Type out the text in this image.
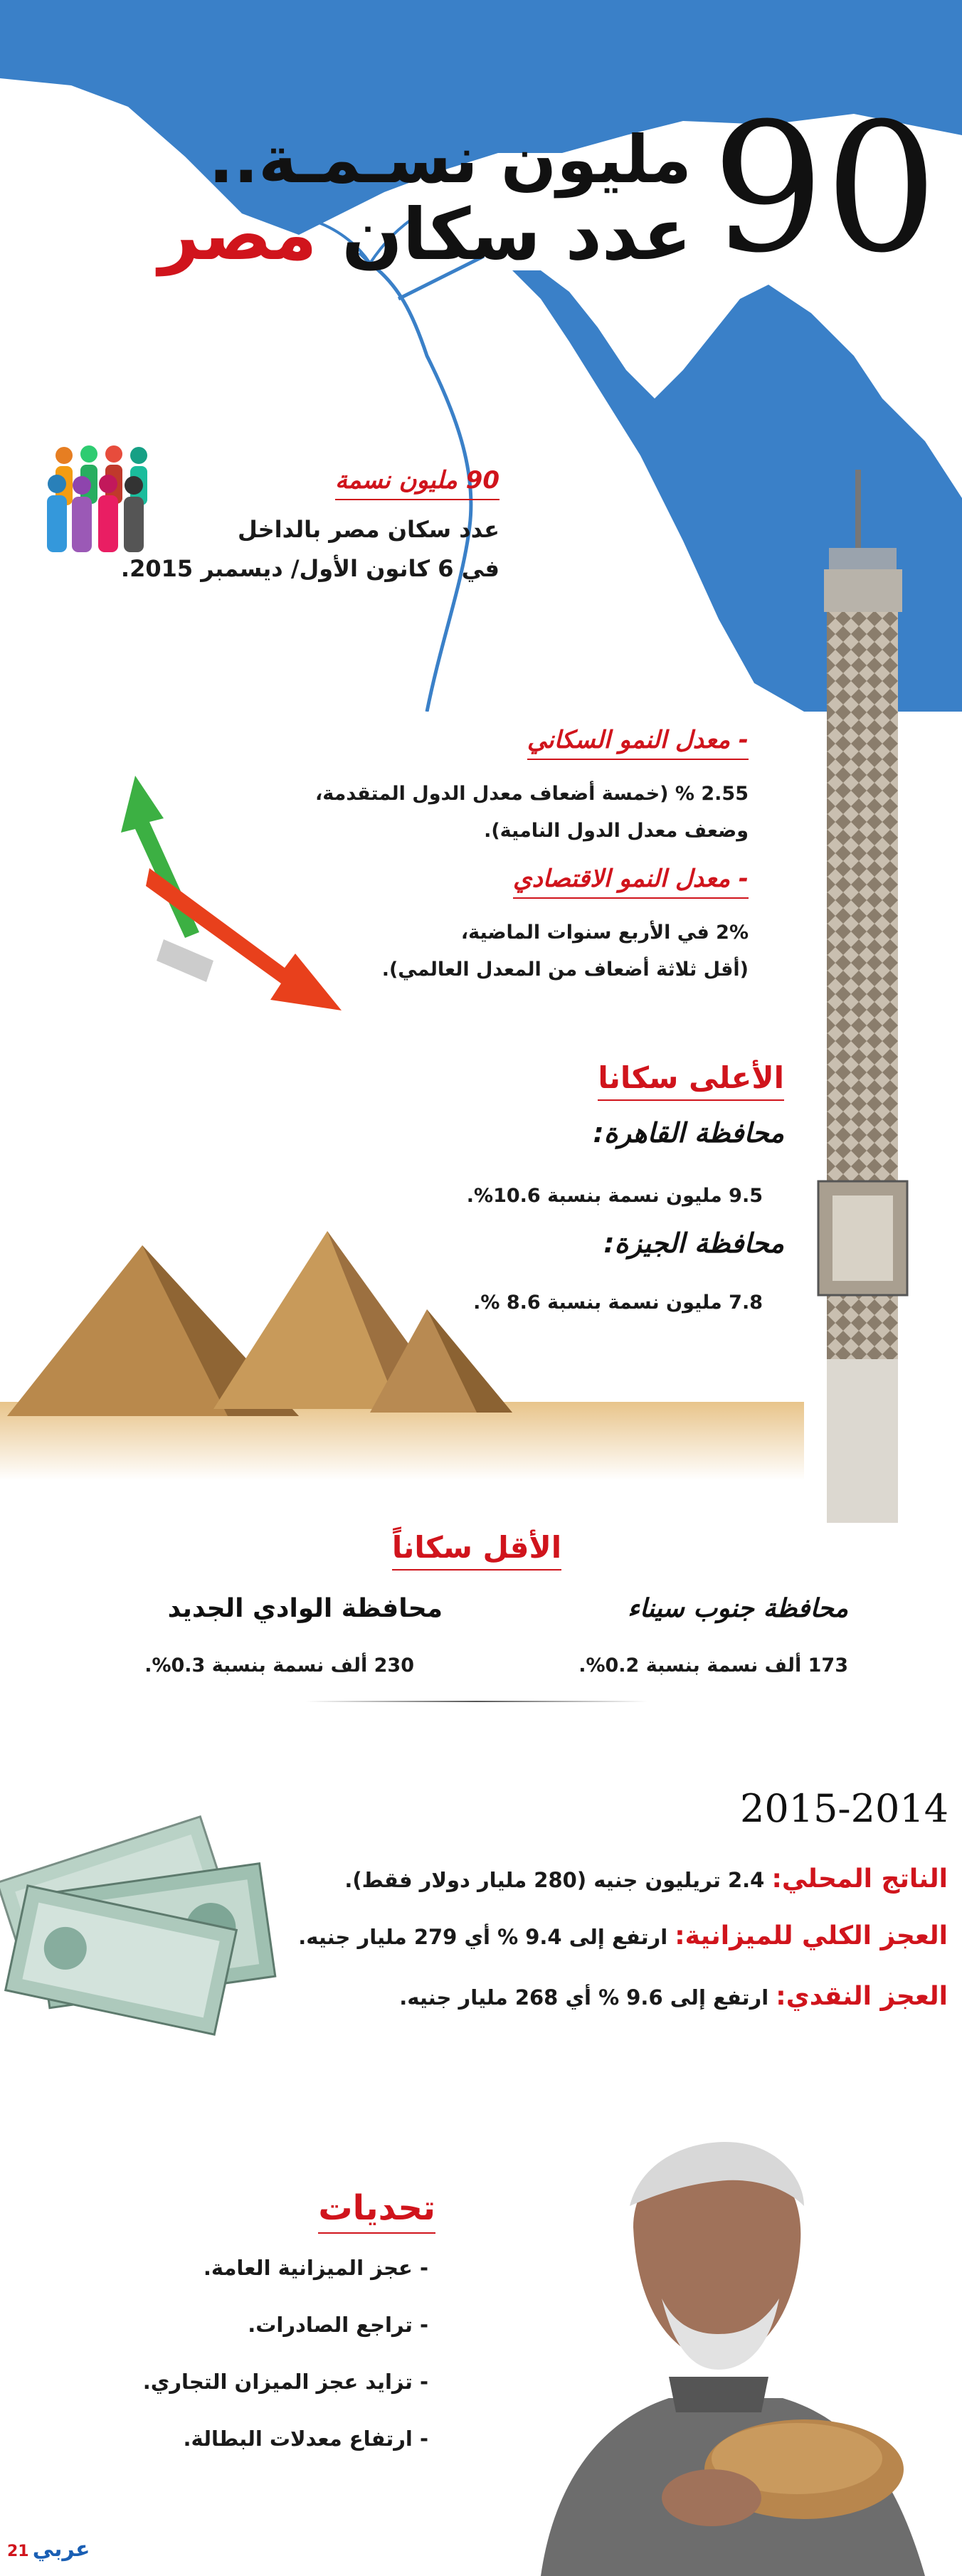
90
مليون نسـمـة..
عدد سكان مصر
90 مليون نسمة
عدد سكان مصر بالداخل
في 6 كانون الأول/ ديسمبر 2015.
- معدل النمو السكاني
2.55 % (خمسة أضعاف معدل الدول المتقدمة،
وضعف معدل الدول النامية).
- معدل النمو الاقتصادي
2% في الأربع سنوات الماضية،
(أقل ثلاثة أضعاف من المعدل العالمي).
الأعلى سكانا
محافظة القاهرة:
9.5 مليون نسمة بنسبة 10.6%.
محافظة الجيزة:
7.8 مليون نسمة بنسبة 8.6 %.
الأقل سكاناً
محافظة جنوب سيناء
173 ألف نسمة بنسبة 0.2%.
محافظة الوادي الجديد
230 ألف نسمة بنسبة 0.3%.
2015-2014
الناتج المحلي: 2.4 تريليون جنيه (280 مليار دولار فقط).
العجز الكلي للميزانية: ارتفع إلى 9.4 % أي 279 مليار جنيه.
العجز النقدي: ارتفع إلى 9.6 % أي 268 مليار جنيه.
تحديات
- عجز الميزانية العامة.
- تراجع الصادرات.
- تزايد عجز الميزان التجاري.
- ارتفاع معدلات البطالة.
21 عربي
